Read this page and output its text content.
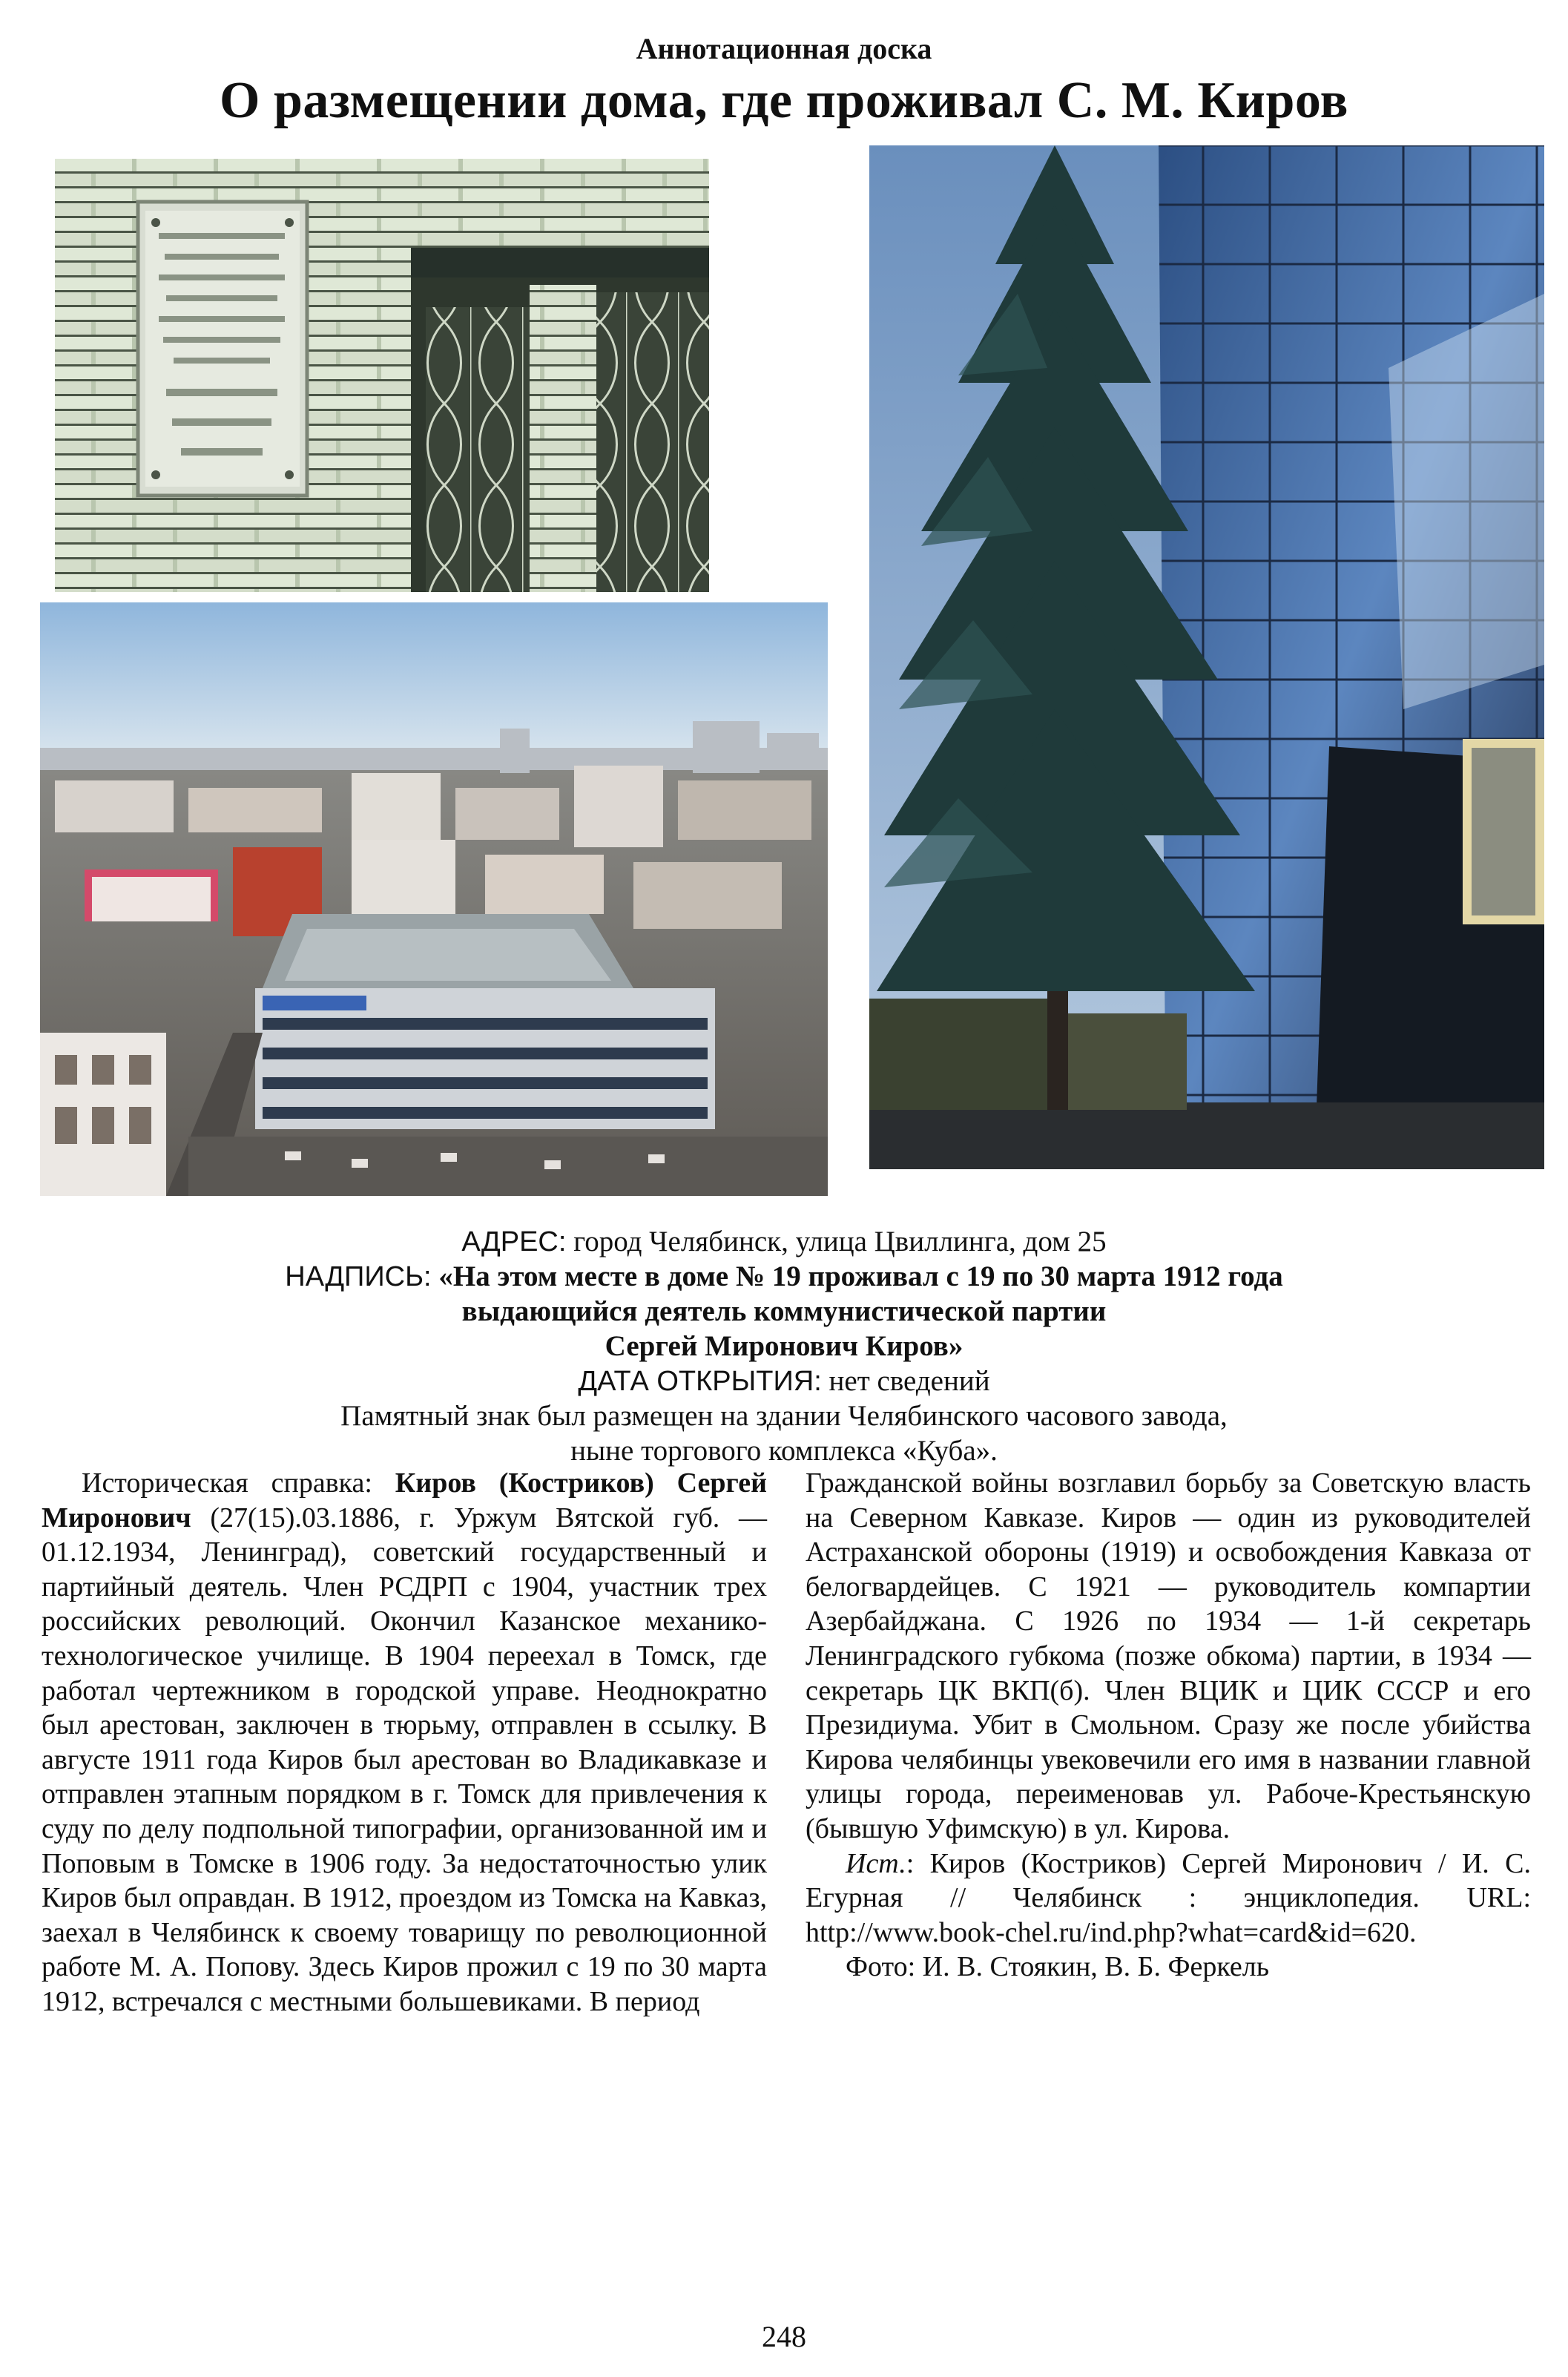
Аннотационная доска
О размещении дома, где проживал С. М. Киров
АДРЕС: город Челябинск, улица Цвиллинга, дом 25
НАДПИСЬ: «На этом месте в доме № 19 проживал с 19 по 30 марта 1912 года
выдающийся деятель коммунистической партии
Сергей Миронович Киров»
ДАТА ОТКРЫТИЯ: нет сведений
Памятный знак был размещен на здании Челябинского часового завода,
ныне торгового комплекса «Куба».

Историческая справка: Киров (Костриков) Сергей Миронович (27(15).03.1886, г. Уржум Вятской губ. — 01.12.1934, Ленинград), советский государственный и партийный деятель. Член РСДРП с 1904, участник трех российских революций. Окончил Казанское механико-технологическое училище. В 1904 переехал в Томск, где работал чертежником в городской управе. Неоднократно был арестован, заключен в тюрьму, отправлен в ссылку. В августе 1911 года Киров был арестован во Владикавказе и отправлен этапным порядком в г. Томск для привлечения к суду по делу подпольной типографии, организованной им и Поповым в Томске в 1906 году. За недостаточностью улик Киров был оправдан. В 1912, проездом из Томска на Кавказ, заехал в Челябинск к своему товарищу по революционной работе М. А. Попову. Здесь Киров прожил с 19 по 30 марта 1912, встречался с местными большевиками. В период

Гражданской войны возглавил борьбу за Советскую власть на Северном Кавказе. Киров — один из руководителей Астраханской обороны (1919) и освобождения Кавказа от белогвардейцев. С 1921 — руководитель компартии Азербайджана. С 1926 по 1934 — 1-й секретарь Ленинградского губкома (позже обкома) партии, в 1934 — секретарь ЦК ВКП(б). Член ВЦИК и ЦИК СССР и его Президиума. Убит в Смольном. Сразу же после убийства Кирова челябинцы увековечили его имя в названии главной улицы города, переименовав ул. Рабоче-Крестьянскую (бывшую Уфимскую) в ул. Кирова.

Ист.: Киров (Костриков) Сергей Миронович / И. С. Егурная // Челябинск : энциклопедия. URL: http://www.book-chel.ru/ind.php?what=card&id=620.

Фото: И. В. Стоякин, В. Б. Феркель

248
